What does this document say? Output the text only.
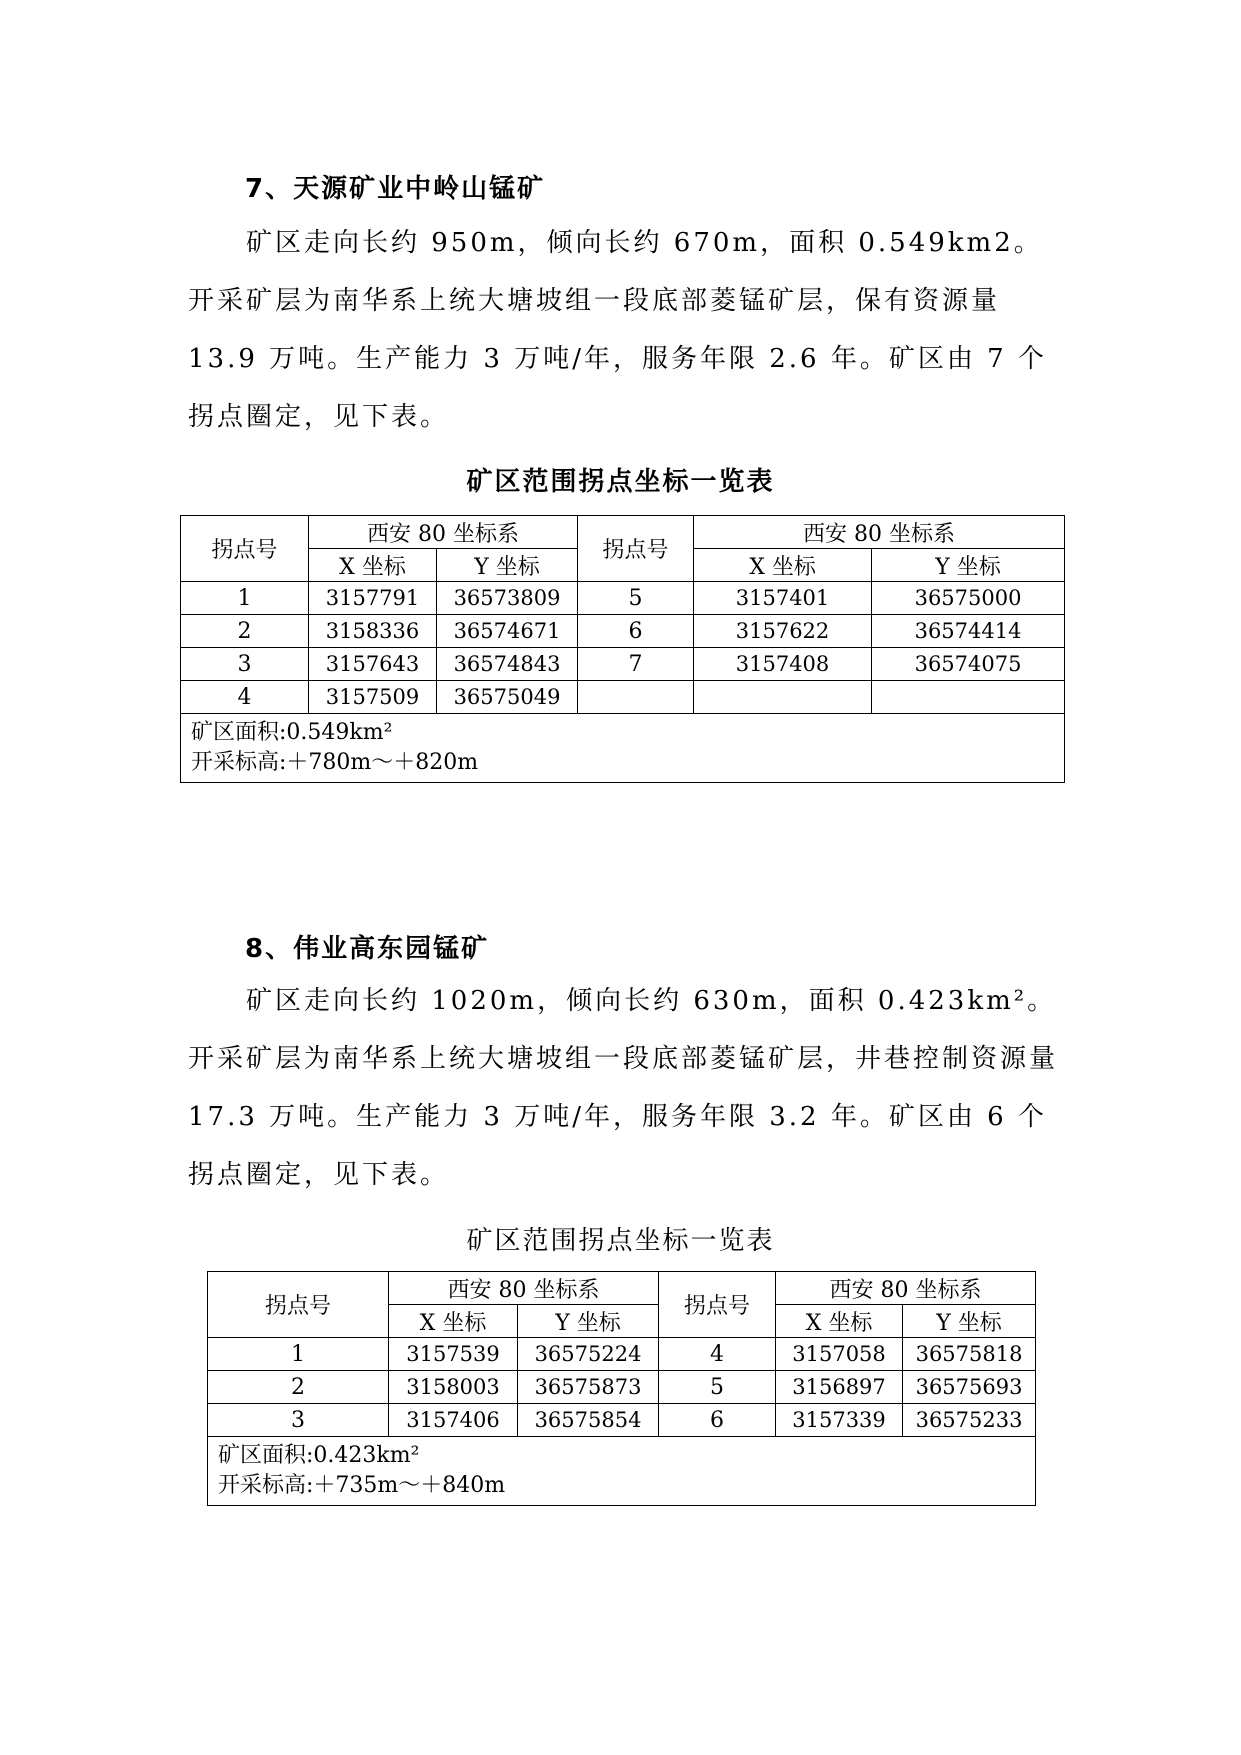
7、天源矿业中岭山锰矿

矿区走向长约 950m，倾向长约 670m，面积 0.549km2。开采矿层为南华系上统大塘坡组一段底部菱锰矿层，保有资源量 13.9 万吨。生产能力 3 万吨/年，服务年限 2.6 年。矿区由 7 个拐点圈定，见下表。

矿区范围拐点坐标一览表
拐点号	西安 80 坐标系		拐点号	西安 80 坐标系	
	X 坐标	Y 坐标		X 坐标	Y 坐标
1	3157791	36573809	5	3157401	36575000
2	3158336	36574671	6	3157622	36574414
3	3157643	36574843	7	3157408	36574075
4	3157509	36575049			

矿区面积:0.549km²
开采标高:＋780m～＋820m					
8、伟业高东园锰矿

矿区走向长约 1020m，倾向长约 630m，面积 0.423km²。开采矿层为南华系上统大塘坡组一段底部菱锰矿层，井巷控制资源量 17.3 万吨。生产能力 3 万吨/年，服务年限 3.2 年。矿区由 6 个拐点圈定，见下表。

矿区范围拐点坐标一览表
拐点号	西安 80 坐标系		拐点号	西安 80 坐标系	
	X 坐标	Y 坐标		X 坐标	Y 坐标
1	3157539	36575224	4	3157058	36575818
2	3158003	36575873	5	3156897	36575693
3	3157406	36575854	6	3157339	36575233

矿区面积:0.423km²
开采标高:＋735m～＋840m					
